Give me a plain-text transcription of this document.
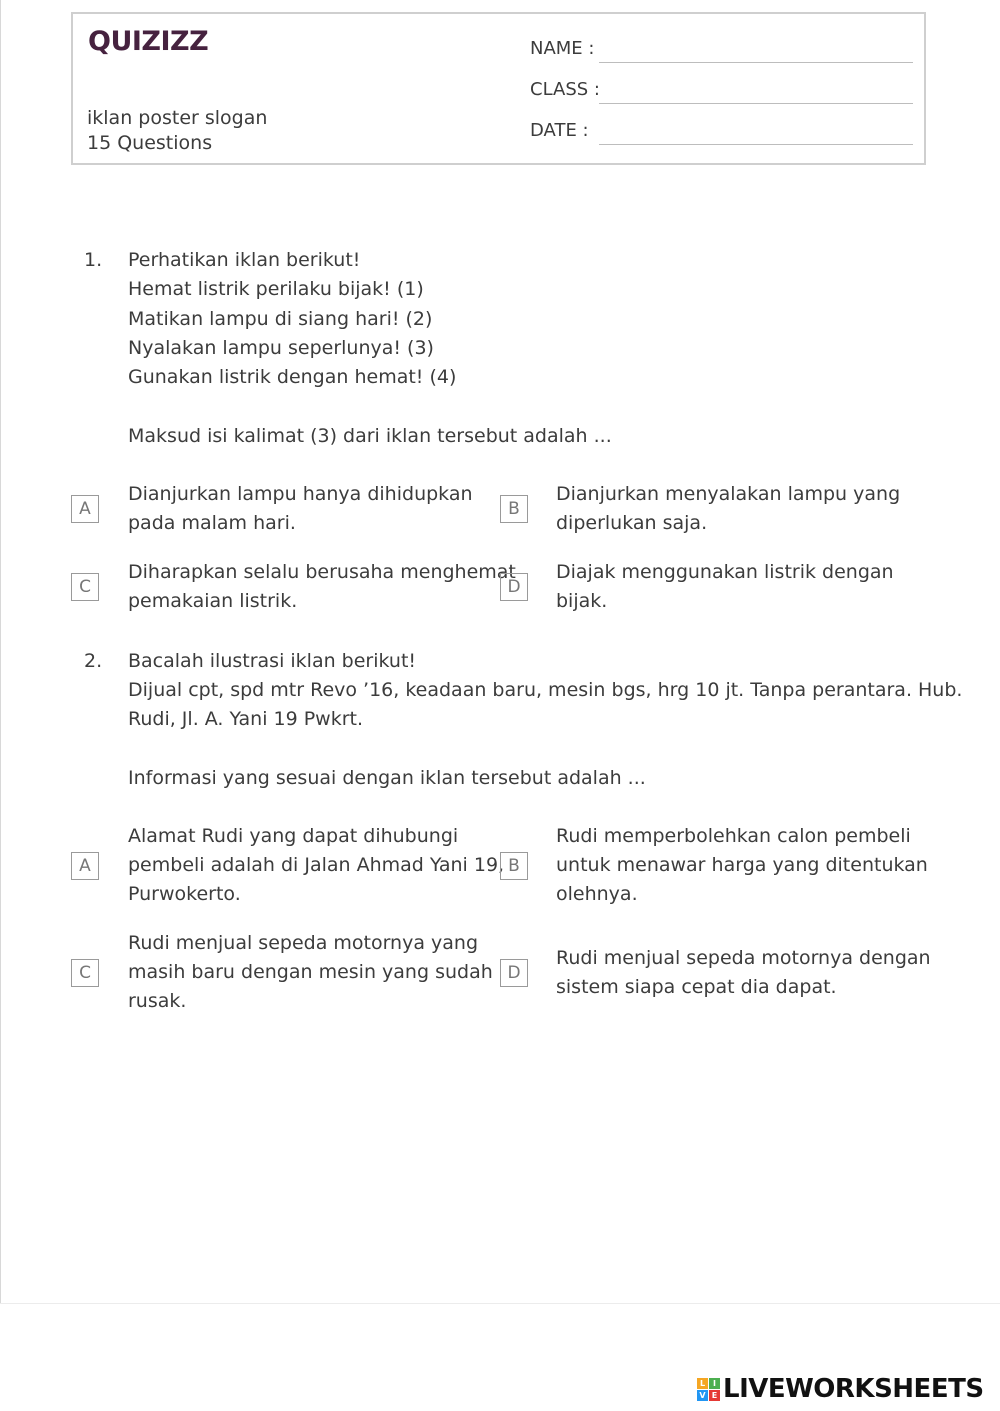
QUIZIZZ
iklan poster slogan
15 Questions
NAME :
CLASS :
DATE :
1. Perhatikan iklan berikut!
Hemat listrik perilaku bijak! (1)
Matikan lampu di siang hari! (2)
Nyalakan lampu seperlunya! (3)
Gunakan listrik dengan hemat! (4)
Maksud isi kalimat (3) dari iklan tersebut adalah ...
A
Dianjurkan lampu hanya dihidupkan
pada malam hari.
B
Dianjurkan menyalakan lampu yang
diperlukan saja.
C
Diharapkan selalu berusaha menghemat
pemakaian listrik.
D
Diajak menggunakan listrik dengan
bijak.
2. Bacalah ilustrasi iklan berikut!
Dijual cpt, spd mtr Revo ’16, keadaan baru, mesin bgs, hrg 10 jt. Tanpa perantara. Hub.
Rudi, Jl. A. Yani 19 Pwkrt.
Informasi yang sesuai dengan iklan tersebut adalah ...
A
Alamat Rudi yang dapat dihubungi
pembeli adalah di Jalan Ahmad Yani 19,
Purwokerto.
B
Rudi memperbolehkan calon pembeli
untuk menawar harga yang ditentukan
olehnya.
C
Rudi menjual sepeda motornya yang
masih baru dengan mesin yang sudah
rusak.
D
Rudi menjual sepeda motornya dengan
sistem siapa cepat dia dapat.
L I
V E LIVEWORKSHEETS
